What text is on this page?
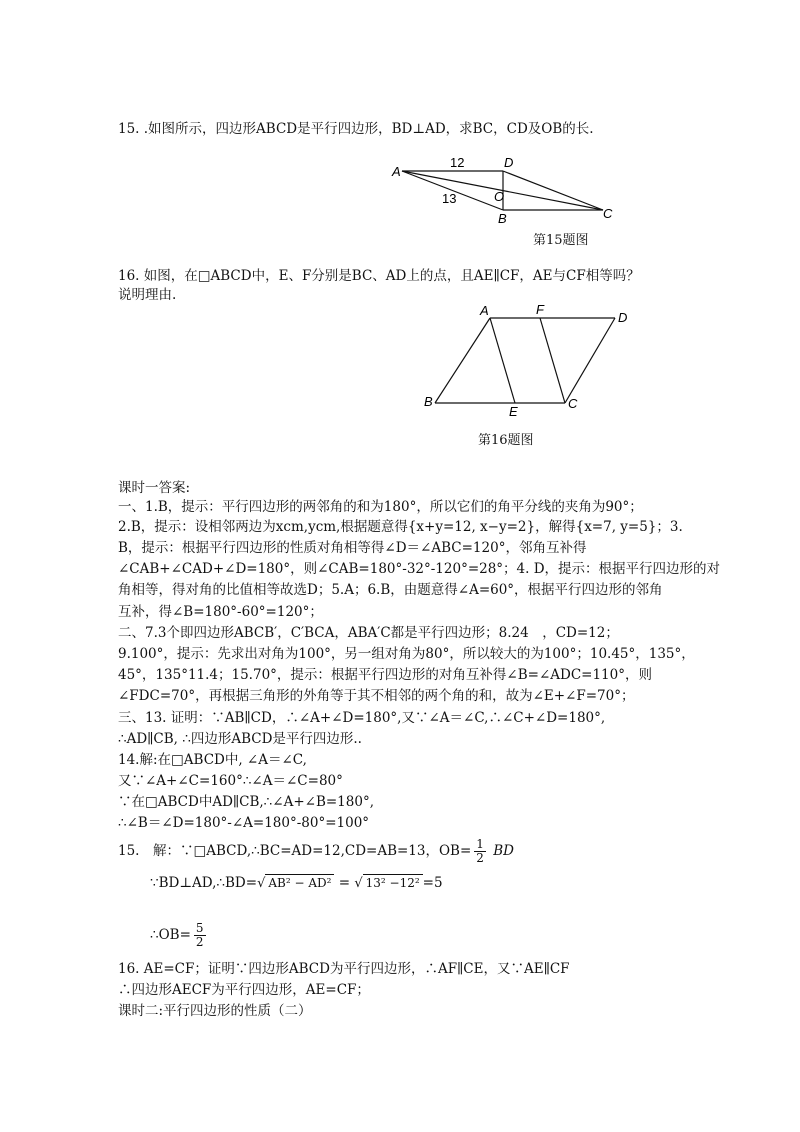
15. .如图所示，四边形ABCD是平行四边形，BD⊥AD，求BC，CD及OB的长.
A
D
O
B	C
12
13
第15题图
16. 如图，在□ABCD中，E、F分别是BC、AD上的点，且AE∥CF，AE与CF相等吗？
说明理由.
A	F
D
B
E
C
第16题图
课时一答案:
一、1.B，提示：平行四边形的两邻角的和为180°，所以它们的角平分线的夹角为90°；
2.B，提示：设相邻两边为xcm,ycm,根据题意得{x+y=12, x−y=2}，解得{x=7, y=5}；3.
B，提示：根据平行四边形的性质对角相等得∠D＝∠ABC=120°，邻角互补得
∠CAB+∠CAD+∠D=180°，则∠CAB=180°-32°-120°=28°；4. D，提示：根据平行四边形的对
角相等，得对角的比值相等故选D；5.A；6.B，由题意得∠A=60°，根据平行四边形的邻角
互补，得∠B=180°-60°=120°；
二、7.3个即四边形ABCB′，C′BCA，ABA′C都是平行四边形；8.24　，CD=12；
9.100°，提示：先求出对角为100°，另一组对角为80°，所以较大的为100°；10.45°，135°，
45°，135°11.4；15.70°，提示：根据平行四边形的对角互补得∠B=∠ADC=110°，则
∠FDC=70°，再根据三角形的外角等于其不相邻的两个角的和，故为∠E+∠F=70°；
三、13. 证明：∵AB∥CD，∴∠A+∠D=180°,又∵∠A＝∠C,∴∠C+∠D=180°,
∴AD∥CB, ∴四边形ABCD是平行四边形..
14.解:在□ABCD中, ∠A＝∠C,
又∵∠A+∠C=160°∴∠A＝∠C=80°
∵在□ABCD中AD∥CB,∴∠A+∠B=180°,
∴∠B＝∠D=180°-∠A=180°-80°=100°
15.　解：∵□ABCD,∴BC=AD=12,CD=AB=13，$OB= \frac{1}{2}$ BD
∵BD⊥AD,∴BD=√ AB² − AD² = √ 13² −12² =5
∴OB= $\frac{5}{2}$
16. AE=CF；证明∵四边形ABCD为平行四边形，∴AF∥CE，又∵AE∥CF
∴四边形AECF为平行四边形，AE=CF；
课时二:平行四边形的性质（二）
